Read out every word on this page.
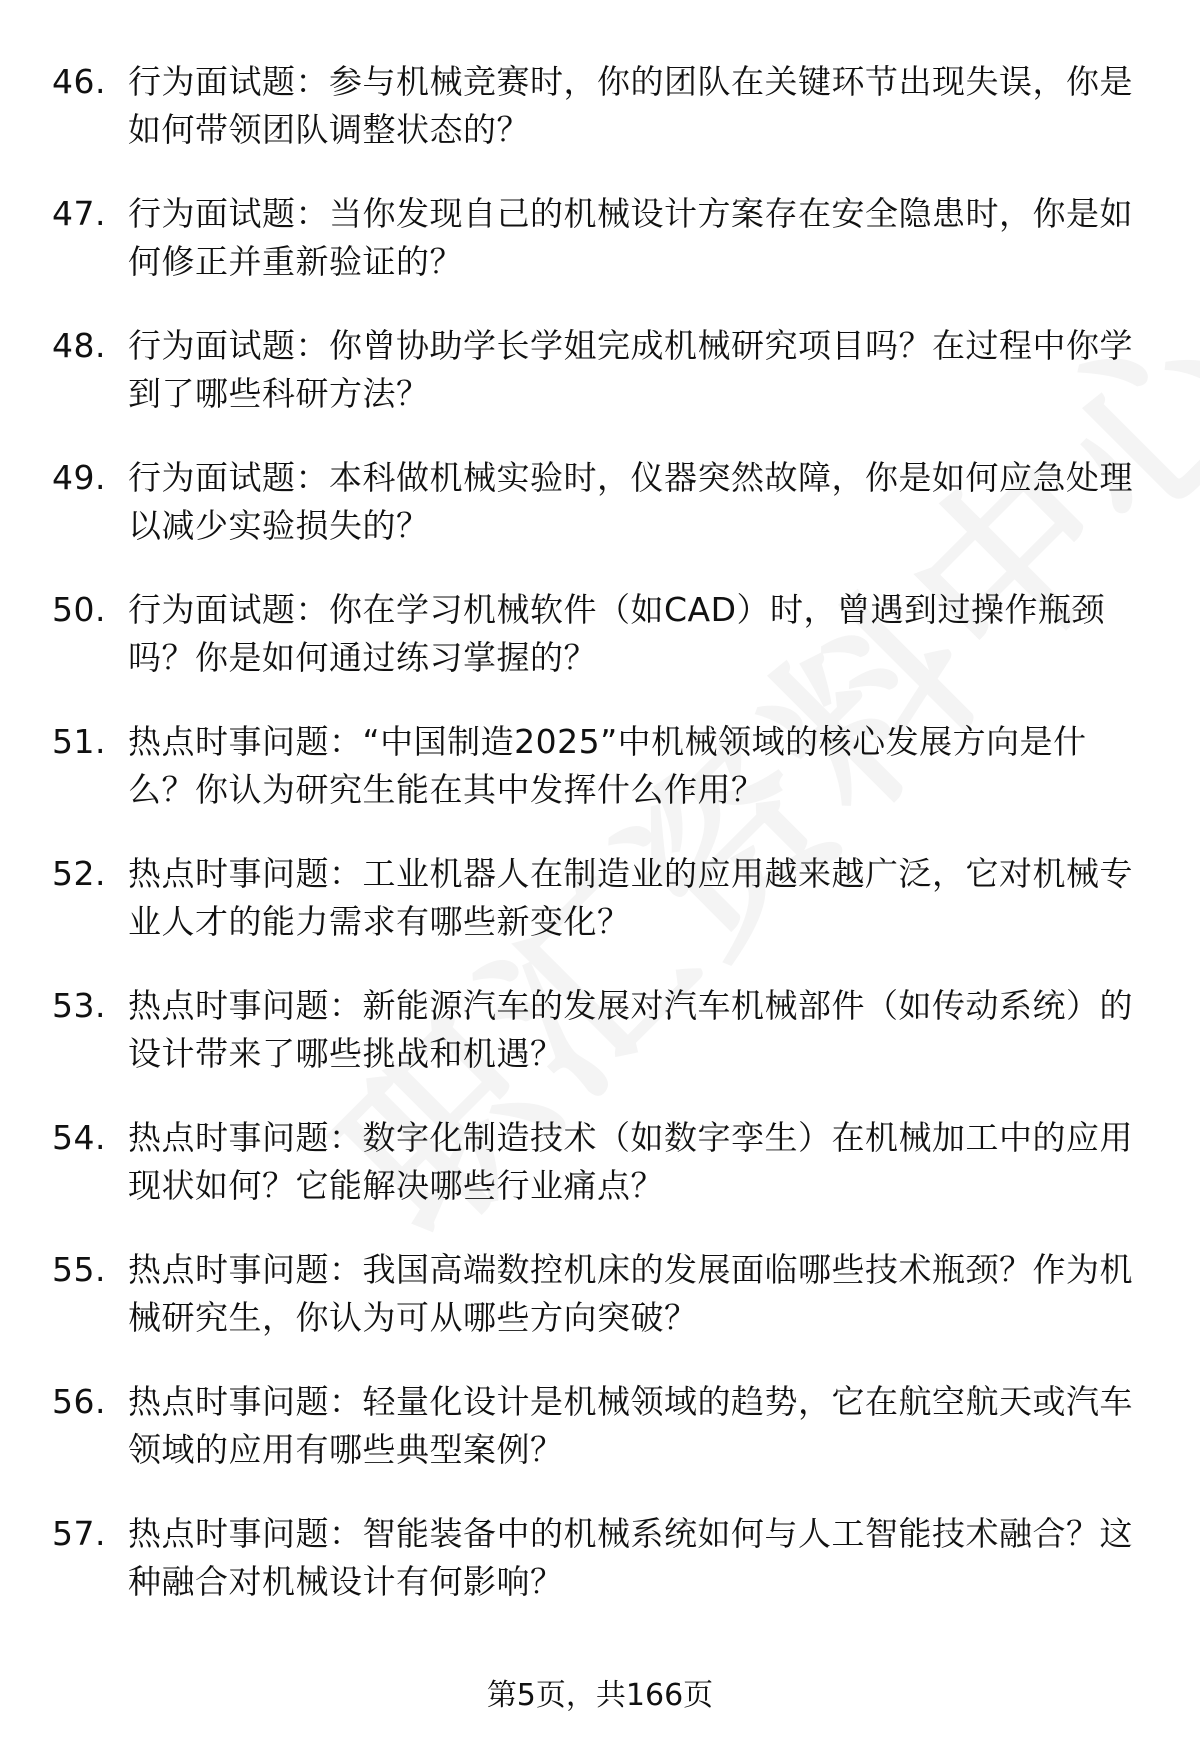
46. 行为面试题：参与机械竞赛时，你的团队在关键环节出现失误，你是如何带领团队调整状态的？
47. 行为面试题：当你发现自己的机械设计方案存在安全隐患时，你是如何修正并重新验证的？
48. 行为面试题：你曾协助学长学姐完成机械研究项目吗？在过程中你学到了哪些科研方法？
49. 行为面试题：本科做机械实验时，仪器突然故障，你是如何应急处理以减少实验损失的？
50. 行为面试题：你在学习机械软件（如CAD）时，曾遇到过操作瓶颈吗？你是如何通过练习掌握的？
51. 热点时事问题：“中国制造2025”中机械领域的核心发展方向是什么？你认为研究生能在其中发挥什么作用？
52. 热点时事问题：工业机器人在制造业的应用越来越广泛，它对机械专业人才的能力需求有哪些新变化？
53. 热点时事问题：新能源汽车的发展对汽车机械部件（如传动系统）的设计带来了哪些挑战和机遇？
54. 热点时事问题：数字化制造技术（如数字孪生）在机械加工中的应用现状如何？它能解决哪些行业痛点？
55. 热点时事问题：我国高端数控机床的发展面临哪些技术瓶颈？作为机械研究生，你认为可从哪些方向突破？
56. 热点时事问题：轻量化设计是机械领域的趋势，它在航空航天或汽车领域的应用有哪些典型案例？
57. 热点时事问题：智能装备中的机械系统如何与人工智能技术融合？这种融合对机械设计有何影响？
第5页，共166页
